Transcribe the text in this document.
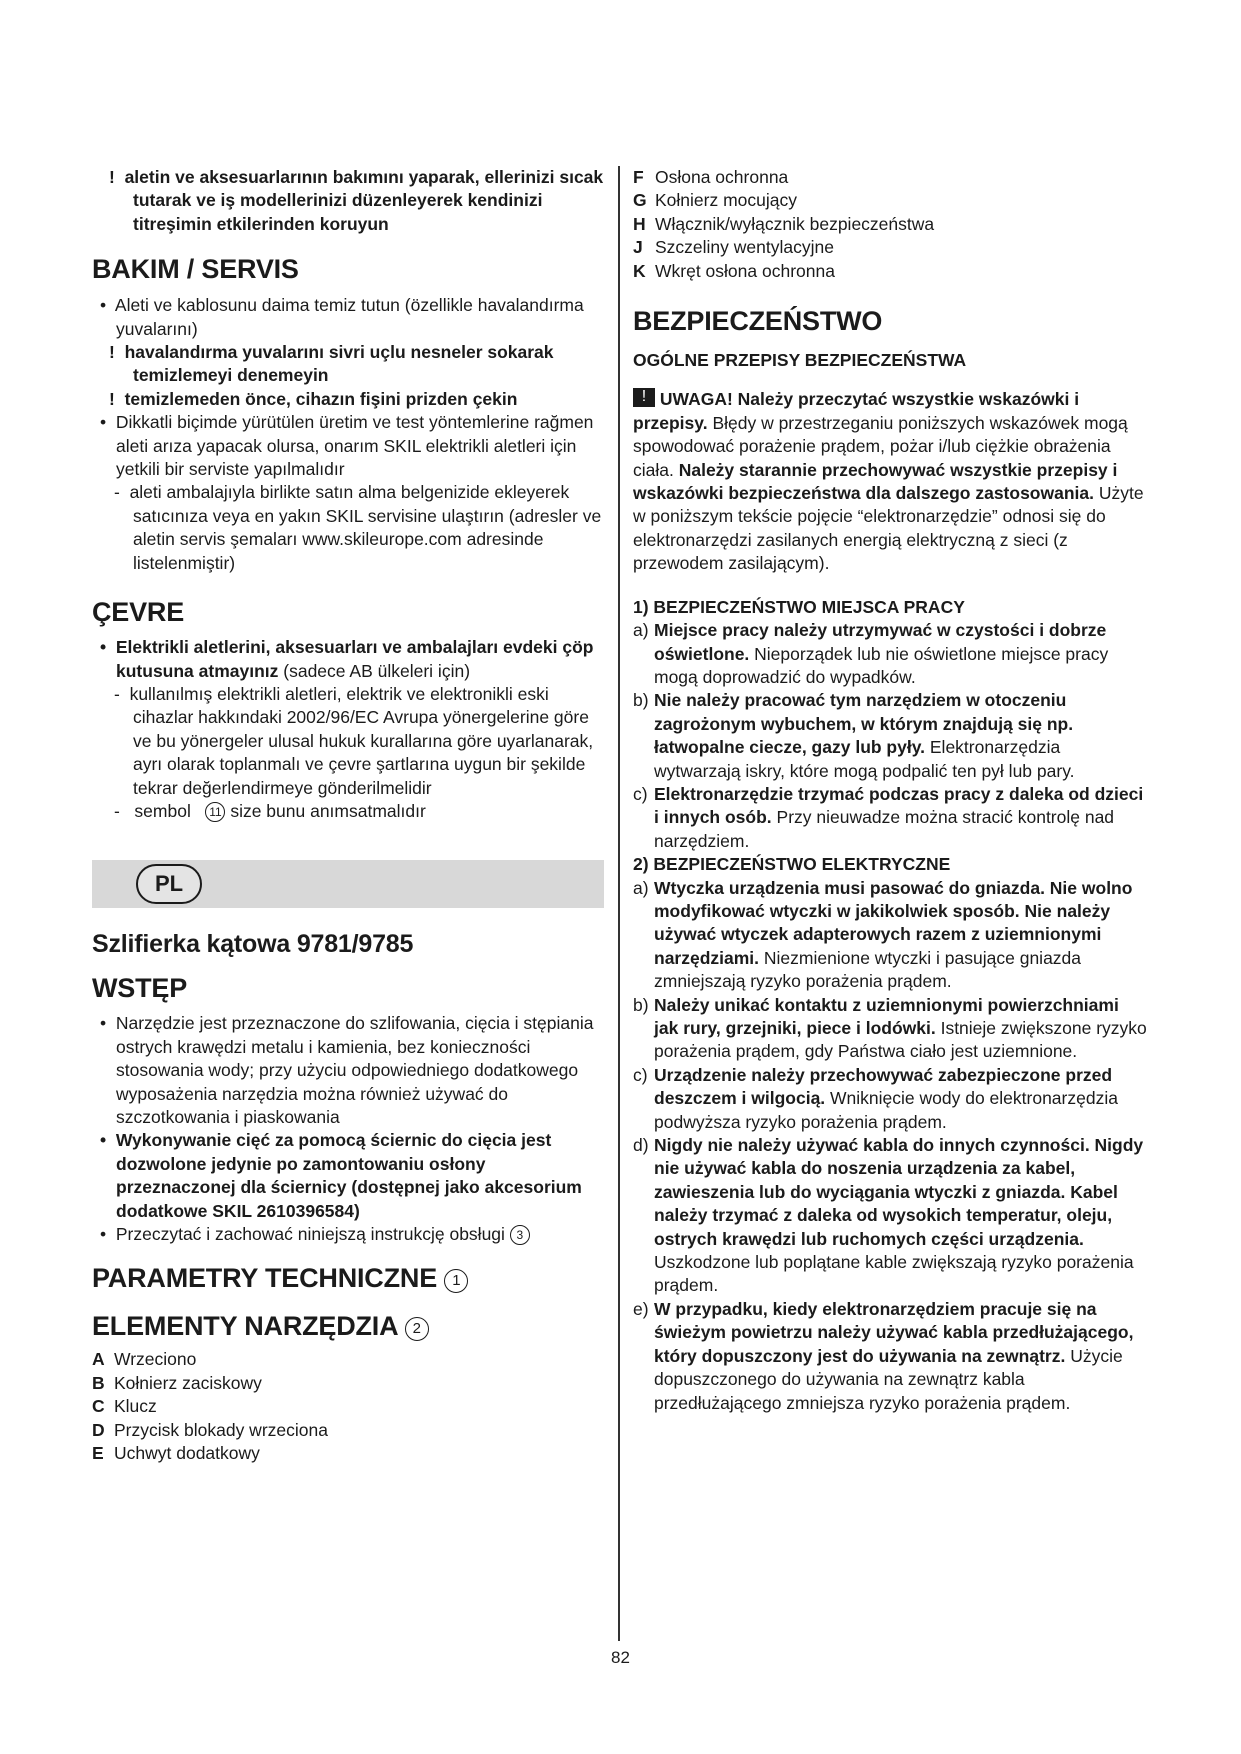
!  aletin ve aksesuarlarının bakımını yaparak, ellerinizi sıcak tutarak ve iş modellerinizi düzenleyerek kendinizi titreşimin etkilerinden koruyun

BAKIM / SERVIS

•  Aleti ve kablosunu daima temiz tutun (özellikle havalandırma yuvalarını)

!  havalandırma yuvalarını sivri uçlu nesneler sokarak temizlemeyi denemeyin

!  temizlemeden önce, cihazın fişini prizden çekin

•  Dikkatli biçimde yürütülen üretim ve test yöntemlerine rağmen aleti arıza yapacak olursa, onarım SKIL elektrikli aletleri için yetkili bir serviste yapılmalıdır

-  aleti ambalajıyla birlikte satın alma belgenizide ekleyerek satıcınıza veya en yakın SKIL servisine ulaştırın (adresler ve aletin servis şemaları www.skileurope.com adresinde listelenmiştir)

ÇEVRE

•  Elektrikli aletlerini, aksesuarları ve ambalajları evdeki çöp kutusuna atmayınız (sadece AB ülkeleri için)

-  kullanılmış elektrikli aletleri, elektrik ve elektronikli eski cihazlar hakkındaki 2002/96/EC Avrupa yönergelerine göre ve bu yönergeler ulusal hukuk kurallarına göre uyarlanarak, ayrı olarak toplanmalı ve çevre şartlarına uygun bir şekilde tekrar değerlendirmeye gönderilmelidir

-   sembol 11 size bunu anımsatmalıdır

PL

Szlifierka kątowa 9781/9785

WSTĘP

•  Narzędzie jest przeznaczone do szlifowania, cięcia i stępiania ostrych krawędzi metalu i kamienia, bez konieczności stosowania wody; przy użyciu odpowiedniego dodatkowego wyposażenia narzędzia można również używać do szczotkowania i piaskowania

•  Wykonywanie cięć za pomocą ściernic do cięcia jest dozwolone jedynie po zamontowaniu osłony przeznaczonej dla ściernicy (dostępnej jako akcesorium dodatkowe SKIL 2610396584)

•  Przeczytać i zachować niniejszą instrukcję obsługi 3

PARAMETRY TECHNICZNE 1

ELEMENTY NARZĘDZIA 2

A Wrzeciono

B Kołnierz zaciskowy

C Klucz

D Przycisk blokady wrzeciona

E Uchwyt dodatkowy

F Osłona ochronna

G Kołnierz mocujący

H Włącznik/wyłącznik bezpieczeństwa

J Szczeliny wentylacyjne

K Wkręt osłona ochronna

BEZPIECZEŃSTWO

OGÓLNE PRZEPISY BEZPIECZEŃSTWA

! UWAGA! Należy przeczytać wszystkie wskazówki i przepisy. Błędy w przestrzeganiu poniższych wskazówek mogą spowodować porażenie prądem, pożar i/lub ciężkie obrażenia ciała. Należy starannie przechowywać wszystkie przepisy i wskazówki bezpieczeństwa dla dalszego zastosowania. Użyte w poniższym tekście pojęcie “elektronarzędzie” odnosi się do elektronarzędzi zasilanych energią elektryczną z sieci (z przewodem zasilającym).

1) BEZPIECZEŃSTWO MIEJSCA PRACY

a) Miejsce pracy należy utrzymywać w czystości i dobrze oświetlone. Nieporządek lub nie oświetlone miejsce pracy mogą doprowadzić do wypadków.

b) Nie należy pracować tym narzędziem w otoczeniu zagrożonym wybuchem, w którym znajdują się np. łatwopalne ciecze, gazy lub pyły. Elektronarzędzia wytwarzają iskry, które mogą podpalić ten pył lub pary.

c) Elektronarzędzie trzymać podczas pracy z daleka od dzieci i innych osób. Przy nieuwadze można stracić kontrolę nad narzędziem.

2) BEZPIECZEŃSTWO ELEKTRYCZNE

a) Wtyczka urządzenia musi pasować do gniazda. Nie wolno modyfikować wtyczki w jakikolwiek sposób. Nie należy używać wtyczek adapterowych razem z uziemnionymi narzędziami. Niezmienione wtyczki i pasujące gniazda zmniejszają ryzyko porażenia prądem.

b) Należy unikać kontaktu z uziemnionymi powierzchniami jak rury, grzejniki, piece i lodówki. Istnieje zwiększone ryzyko porażenia prądem, gdy Państwa ciało jest uziemnione.

c) Urządzenie należy przechowywać zabezpieczone przed deszczem i wilgocią. Wniknięcie wody do elektronarzędzia podwyższa ryzyko porażenia prądem.

d) Nigdy nie należy używać kabla do innych czynności. Nigdy nie używać kabla do noszenia urządzenia za kabel, zawieszenia lub do wyciągania wtyczki z gniazda. Kabel należy trzymać z daleka od wysokich temperatur, oleju, ostrych krawędzi lub ruchomych części urządzenia. Uszkodzone lub poplątane kable zwiększają ryzyko porażenia prądem.

e) W przypadku, kiedy elektronarzędziem pracuje się na świeżym powietrzu należy używać kabla przedłużającego, który dopuszczony jest do używania na zewnątrz. Użycie dopuszczonego do używania na zewnątrz kabla przedłużającego zmniejsza ryzyko porażenia prądem.

82
